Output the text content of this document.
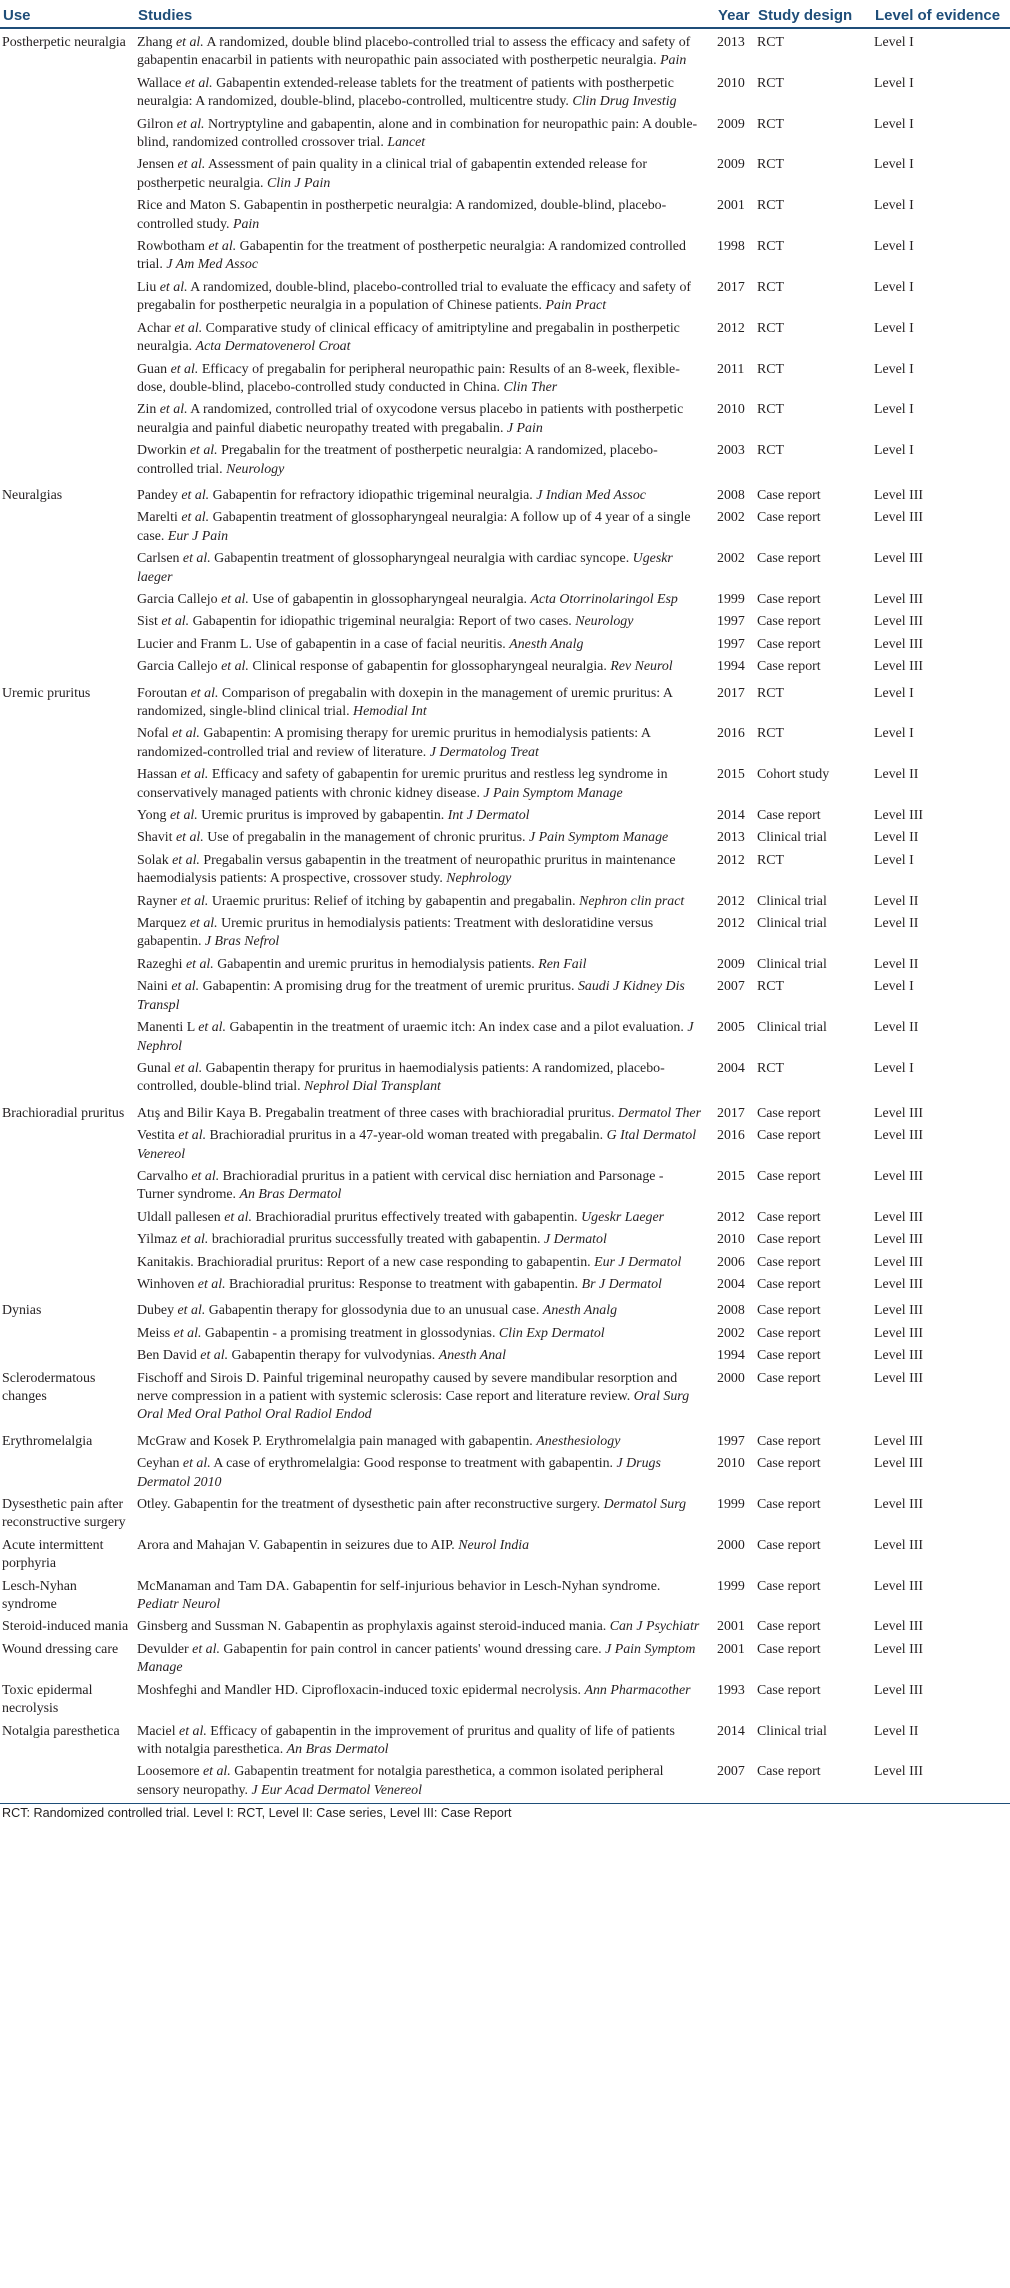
Use	Studies	Year	Study design	Level of evidence
Postherpetic neuralgia	Zhang et al. A randomized, double blind placebo-controlled trial to assess the efficacy and safety of gabapentin enacarbil in patients with neuropathic pain associated with postherpetic neuralgia. Pain	2013	RCT	Level I
	Wallace et al. Gabapentin extended-release tablets for the treatment of patients with postherpetic neuralgia: A randomized, double-blind, placebo-controlled, multicentre study. Clin Drug Investig	2010	RCT	Level I
	Gilron et al. Nortryptyline and gabapentin, alone and in combination for neuropathic pain: A double-blind, randomized controlled crossover trial. Lancet	2009	RCT	Level I
	Jensen et al. Assessment of pain quality in a clinical trial of gabapentin extended release for postherpetic neuralgia. Clin J Pain	2009	RCT	Level I
	Rice and Maton S. Gabapentin in postherpetic neuralgia: A randomized, double-blind, placebo-controlled study. Pain	2001	RCT	Level I
	Rowbotham et al. Gabapentin for the treatment of postherpetic neuralgia: A randomized controlled trial. J Am Med Assoc	1998	RCT	Level I
	Liu et al. A randomized, double-blind, placebo-controlled trial to evaluate the efficacy and safety of pregabalin for postherpetic neuralgia in a population of Chinese patients. Pain Pract	2017	RCT	Level I
	Achar et al. Comparative study of clinical efficacy of amitriptyline and pregabalin in postherpetic neuralgia. Acta Dermatovenerol Croat	2012	RCT	Level I
	Guan et al. Efficacy of pregabalin for peripheral neuropathic pain: Results of an 8-week, flexible-dose, double-blind, placebo-controlled study conducted in China. Clin Ther	2011	RCT	Level I
	Zin et al. A randomized, controlled trial of oxycodone versus placebo in patients with postherpetic neuralgia and painful diabetic neuropathy treated with pregabalin. J Pain	2010	RCT	Level I
	Dworkin et al. Pregabalin for the treatment of postherpetic neuralgia: A randomized, placebo-controlled trial. Neurology	2003	RCT	Level I
Neuralgias	Pandey et al. Gabapentin for refractory idiopathic trigeminal neuralgia. J Indian Med Assoc	2008	Case report	Level III
	Marelti et al. Gabapentin treatment of glossopharyngeal neuralgia: A follow up of 4 year of a single case. Eur J Pain	2002	Case report	Level III
	Carlsen et al. Gabapentin treatment of glossopharyngeal neuralgia with cardiac syncope. Ugeskr laeger	2002	Case report	Level III
	Garcia Callejo et al. Use of gabapentin in glossopharyngeal neuralgia. Acta Otorrinolaringol Esp	1999	Case report	Level III
	Sist et al. Gabapentin for idiopathic trigeminal neuralgia: Report of two cases. Neurology	1997	Case report	Level III
	Lucier and Franm L. Use of gabapentin in a case of facial neuritis. Anesth Analg	1997	Case report	Level III
	Garcia Callejo et al. Clinical response of gabapentin for glossopharyngeal neuralgia. Rev Neurol	1994	Case report	Level III
Uremic pruritus	Foroutan et al. Comparison of pregabalin with doxepin in the management of uremic pruritus: A randomized, single-blind clinical trial. Hemodial Int	2017	RCT	Level I
	Nofal et al. Gabapentin: A promising therapy for uremic pruritus in hemodialysis patients: A randomized-controlled trial and review of literature. J Dermatolog Treat	2016	RCT	Level I
	Hassan et al. Efficacy and safety of gabapentin for uremic pruritus and restless leg syndrome in conservatively managed patients with chronic kidney disease. J Pain Symptom Manage	2015	Cohort study	Level II
	Yong et al. Uremic pruritus is improved by gabapentin. Int J Dermatol	2014	Case report	Level III
	Shavit et al. Use of pregabalin in the management of chronic pruritus. J Pain Symptom Manage	2013	Clinical trial	Level II
	Solak et al. Pregabalin versus gabapentin in the treatment of neuropathic pruritus in maintenance haemodialysis patients: A prospective, crossover study. Nephrology	2012	RCT	Level I
	Rayner et al. Uraemic pruritus: Relief of itching by gabapentin and pregabalin. Nephron clin pract	2012	Clinical trial	Level II
	Marquez et al. Uremic pruritus in hemodialysis patients: Treatment with desloratidine versus gabapentin. J Bras Nefrol	2012	Clinical trial	Level II
	Razeghi et al. Gabapentin and uremic pruritus in hemodialysis patients. Ren Fail	2009	Clinical trial	Level II
	Naini et al. Gabapentin: A promising drug for the treatment of uremic pruritus. Saudi J Kidney Dis Transpl	2007	RCT	Level I
	Manenti L et al. Gabapentin in the treatment of uraemic itch: An index case and a pilot evaluation. J Nephrol	2005	Clinical trial	Level II
	Gunal et al. Gabapentin therapy for pruritus in haemodialysis patients: A randomized, placebo-controlled, double-blind trial. Nephrol Dial Transplant	2004	RCT	Level I
Brachioradial pruritus	Atış and Bilir Kaya B. Pregabalin treatment of three cases with brachioradial pruritus. Dermatol Ther	2017	Case report	Level III
	Vestita et al. Brachioradial pruritus in a 47-year-old woman treated with pregabalin. G Ital Dermatol Venereol	2016	Case report	Level III
	Carvalho et al. Brachioradial pruritus in a patient with cervical disc herniation and Parsonage - Turner syndrome. An Bras Dermatol	2015	Case report	Level III
	Uldall pallesen et al. Brachioradial pruritus effectively treated with gabapentin. Ugeskr Laeger	2012	Case report	Level III
	Yilmaz et al. brachioradial pruritus successfully treated with gabapentin. J Dermatol	2010	Case report	Level III
	Kanitakis. Brachioradial pruritus: Report of a new case responding to gabapentin. Eur J Dermatol	2006	Case report	Level III
	Winhoven et al. Brachioradial pruritus: Response to treatment with gabapentin. Br J Dermatol	2004	Case report	Level III
Dynias	Dubey et al. Gabapentin therapy for glossodynia due to an unusual case. Anesth Analg	2008	Case report	Level III
	Meiss et al. Gabapentin - a promising treatment in glossodynias. Clin Exp Dermatol	2002	Case report	Level III
	Ben David et al. Gabapentin therapy for vulvodynias. Anesth Anal	1994	Case report	Level III
Sclerodermatous changes	Fischoff and Sirois D. Painful trigeminal neuropathy caused by severe mandibular resorption and nerve compression in a patient with systemic sclerosis: Case report and literature review. Oral Surg Oral Med Oral Pathol Oral Radiol Endod	2000	Case report	Level III
Erythromelalgia	McGraw and Kosek P. Erythromelalgia pain managed with gabapentin. Anesthesiology	1997	Case report	Level III
	Ceyhan et al. A case of erythromelalgia: Good response to treatment with gabapentin. J Drugs Dermatol 2010	2010	Case report	Level III
Dysesthetic pain after reconstructive surgery	Otley. Gabapentin for the treatment of dysesthetic pain after reconstructive surgery. Dermatol Surg	1999	Case report	Level III
Acute intermittent porphyria	Arora and Mahajan V. Gabapentin in seizures due to AIP. Neurol India	2000	Case report	Level III
Lesch-Nyhan syndrome	McManaman and Tam DA. Gabapentin for self-injurious behavior in Lesch-Nyhan syndrome. Pediatr Neurol	1999	Case report	Level III
Steroid-induced mania	Ginsberg and Sussman N. Gabapentin as prophylaxis against steroid-induced mania. Can J Psychiatr	2001	Case report	Level III
Wound dressing care	Devulder et al. Gabapentin for pain control in cancer patients' wound dressing care. J Pain Symptom Manage	2001	Case report	Level III
Toxic epidermal necrolysis	Moshfeghi and Mandler HD. Ciprofloxacin-induced toxic epidermal necrolysis. Ann Pharmacother	1993	Case report	Level III
Notalgia paresthetica	Maciel et al. Efficacy of gabapentin in the improvement of pruritus and quality of life of patients with notalgia paresthetica. An Bras Dermatol	2014	Clinical trial	Level II
	Loosemore et al. Gabapentin treatment for notalgia paresthetica, a common isolated peripheral sensory neuropathy. J Eur Acad Dermatol Venereol	2007	Case report	Level III
RCT: Randomized controlled trial. Level I: RCT, Level II: Case series, Level III: Case Report
